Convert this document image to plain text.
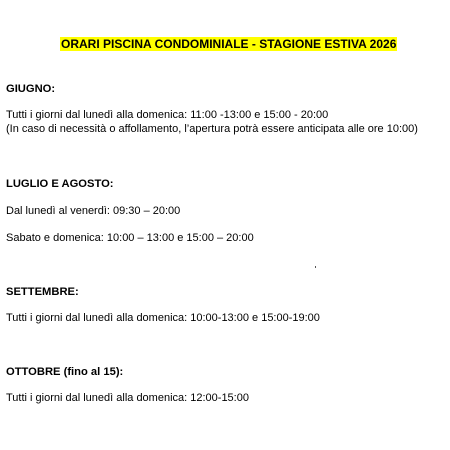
ORARI PISCINA CONDOMINIALE - STAGIONE ESTIVA 2026
GIUGNO:
Tutti i giorni dal lunedì alla domenica: 11:00 -13:00 e 15:00 - 20:00
(In caso di necessità o affollamento, l’apertura potrà essere anticipata alle ore 10:00)
LUGLIO E AGOSTO:
Dal lunedì al venerdì: 09:30 – 20:00
Sabato e domenica: 10:00 – 13:00 e 15:00 – 20:00
SETTEMBRE:
Tutti i giorni dal lunedì alla domenica: 10:00-13:00 e 15:00-19:00
OTTOBRE (fino al 15):
Tutti i giorni dal lunedì alla domenica: 12:00-15:00
